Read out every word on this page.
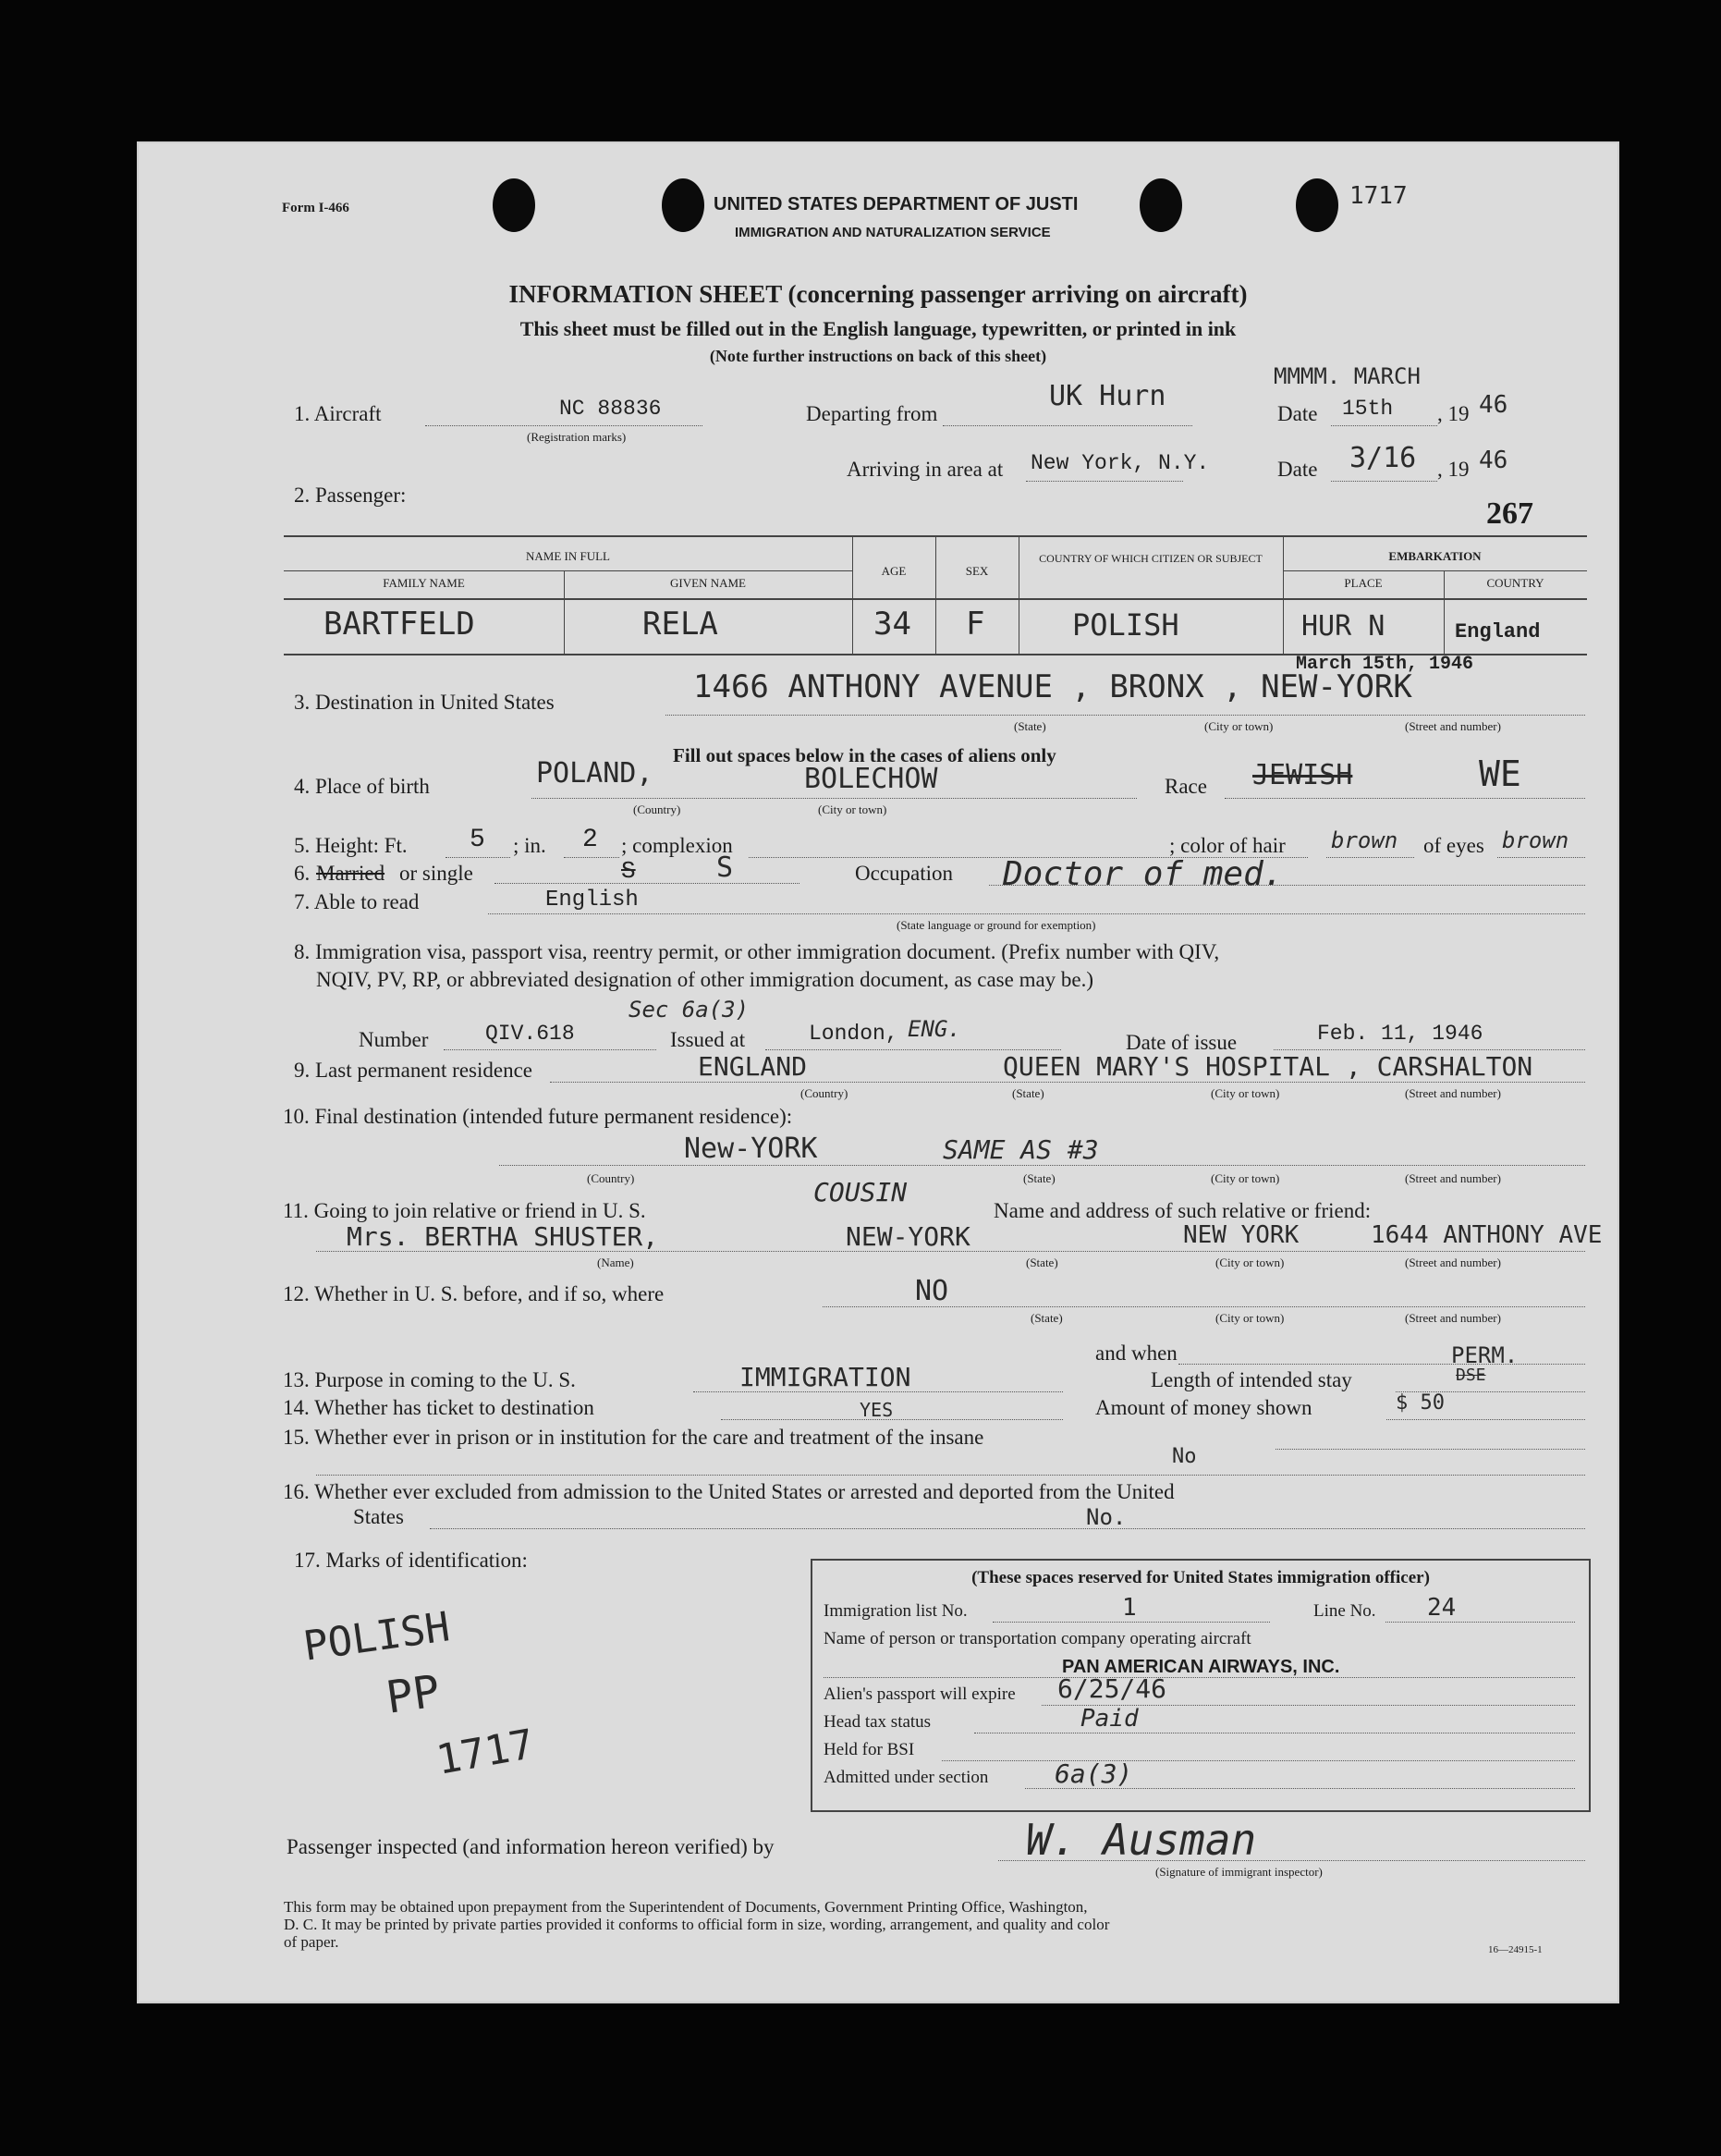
Form I-466	1717
UNITED STATES DEPARTMENT OF JUSTI
IMMIGRATION AND NATURALIZATION SERVICE
INFORMATION SHEET (concerning passenger arriving on aircraft)
This sheet must be filled out in the English language, typewritten, or printed in ink
(Note further instructions on back of this sheet)
1. Aircraft	NC 88836
(Registration marks)
Departing from
UK Hurn
MMMM. MARCH
Date 15th , 19 46
Arriving in area at New York, N.Y.	Date 3/16 , 19 46
267
2. Passenger:
NAME IN FULL
FAMILY NAME	GIVEN NAME
AGE	SEX
COUNTRY OF WHICH CITIZEN OR SUBJECT	EMBARKATION
PLACE	COUNTRY
BARTFELD	RELA	34 F	POLISH	HUR N	England
March 15th, 1946
3. Destination in United States	1466 ANTHONY AVENUE , BRONX , NEW-YORK
(State)	(City or town)	(Street and number)
Fill out spaces below in the cases of aliens only
4. Place of birth	POLAND,	BOLECHOW
(Country)	(City or town)
Race JEWISH	WE
5. Height: Ft. 5 ; in. 2 ; complexion	; color of hair brown of eyes brown
6. Married or single	S	S	Occupation Doctor of med.
7. Able to read	English
(State language or ground for exemption)
8. Immigration visa, passport visa, reentry permit, or other immigration document. (Prefix number with QIV,
NQIV, PV, RP, or abbreviated designation of other immigration document, as case may be.)
Sec 6a(3)
Number	QIV.618	Issued at	London, ENG.
Date of issue	Feb. 11, 1946
9. Last permanent residence	ENGLAND	QUEEN MARY'S HOSPITAL , CARSHALTON
(Country)	(State)	(City or town)	(Street and number)
10. Final destination (intended future permanent residence):
New-YORK	SAME AS #3
(Country)	(State)	(City or town)	(Street and number)
11. Going to join relative or friend in U. S.
COUSIN
Name and address of such relative or friend:
Mrs. BERTHA SHUSTER,	NEW-YORK	NEW YORK	1644 ANTHONY AVE
(Name)	(State)	(City or town)	(Street and number)
12. Whether in U. S. before, and if so, where	NO
(State)	(City or town)	(Street and number)
and when
13. Purpose in coming to the U. S.	IMMIGRATION	Length of intended stay
PERM.
DSE
14. Whether has ticket to destination	YES	Amount of money shown	$ 50
15. Whether ever in prison or in institution for the care and treatment of the insane
No
16. Whether ever excluded from admission to the United States or arrested and deported from the United
States	No.
17. Marks of identification:
POLISH
PP
1717
(These spaces reserved for United States immigration officer)
Immigration list No.	1	Line No. 24
Name of person or transportation company operating aircraft
PAN AMERICAN AIRWAYS, INC.
Alien's passport will expire 6/25/46
Head tax status	Paid
Held for BSI
Admitted under section	6a(3)
Passenger inspected (and information hereon verified) by	W. Ausman
(Signature of immigrant inspector)
This form may be obtained upon prepayment from the Superintendent of Documents, Government Printing Office, Washington,
D. C. It may be printed by private parties provided it conforms to official form in size, wording, arrangement, and quality and color
of paper.	16—24915-1
